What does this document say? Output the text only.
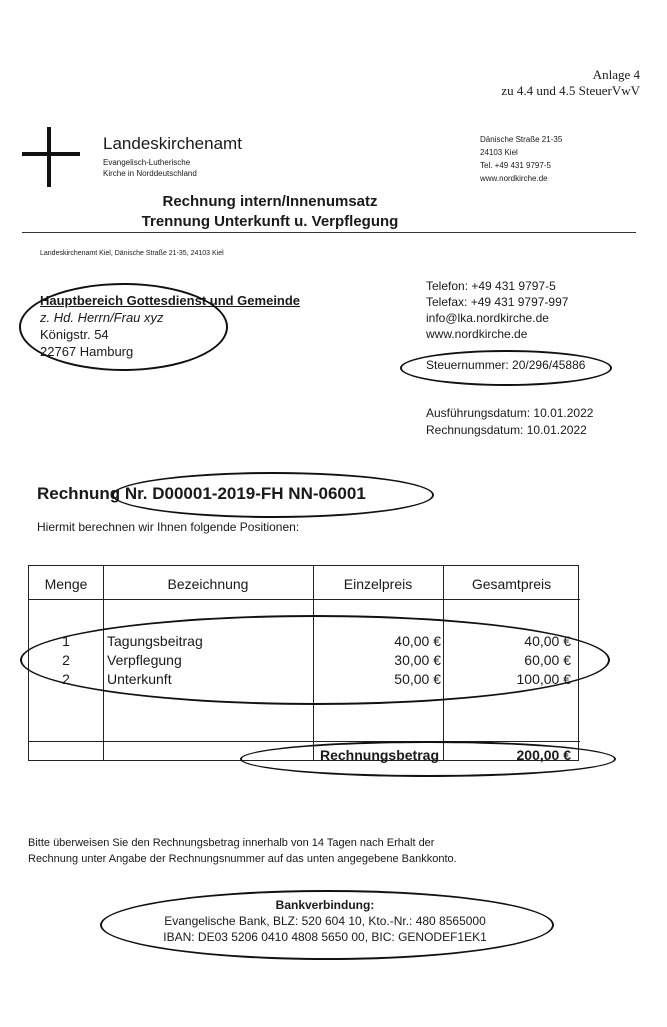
Anlage 4
zu 4.4 und 4.5 SteuerVwV
Landeskirchenamt
Evangelisch-Lutherische
Kirche in Norddeutschland
Dänische Straße 21-35
24103 Kiel
Tel. +49 431 9797-5
www.nordkirche.de
Rechnung intern/Innenumsatz
Trennung Unterkunft u. Verpflegung
Landeskirchenamt Kiel, Dänische Straße 21-35, 24103 Kiel
Hauptbereich Gottesdienst und Gemeinde
z. Hd. Herrn/Frau xyz
Königstr. 54
22767 Hamburg
Telefon: +49 431 9797-5
Telefax: +49 431 9797-997
info@lka.nordkirche.de
www.nordkirche.de
Steuernummer: 20/296/45886
Ausführungsdatum: 10.01.2022
Rechnungsdatum: 10.01.2022
Rechnung Nr. D00001-2019-FH NN-06001
Hiermit berechnen wir Ihnen folgende Positionen:
Menge	Bezeichnung	Einzelpreis	Gesamtpreis
1	Tagungsbeitrag	40,00 €	40,00 €
2	Verpflegung	30,00 €	60,00 €
2	Unterkunft	50,00 €	100,00 €
Rechnungsbetrag	200,00 €
Bitte überweisen Sie den Rechnungsbetrag innerhalb von 14 Tagen nach Erhalt der
Rechnung unter Angabe der Rechnungsnummer auf das unten angegebene Bankkonto.
Bankverbindung:
Evangelische Bank, BLZ: 520 604 10, Kto.-Nr.: 480 8565000
IBAN: DE03 5206 0410 4808 5650 00, BIC: GENODEF1EK1
